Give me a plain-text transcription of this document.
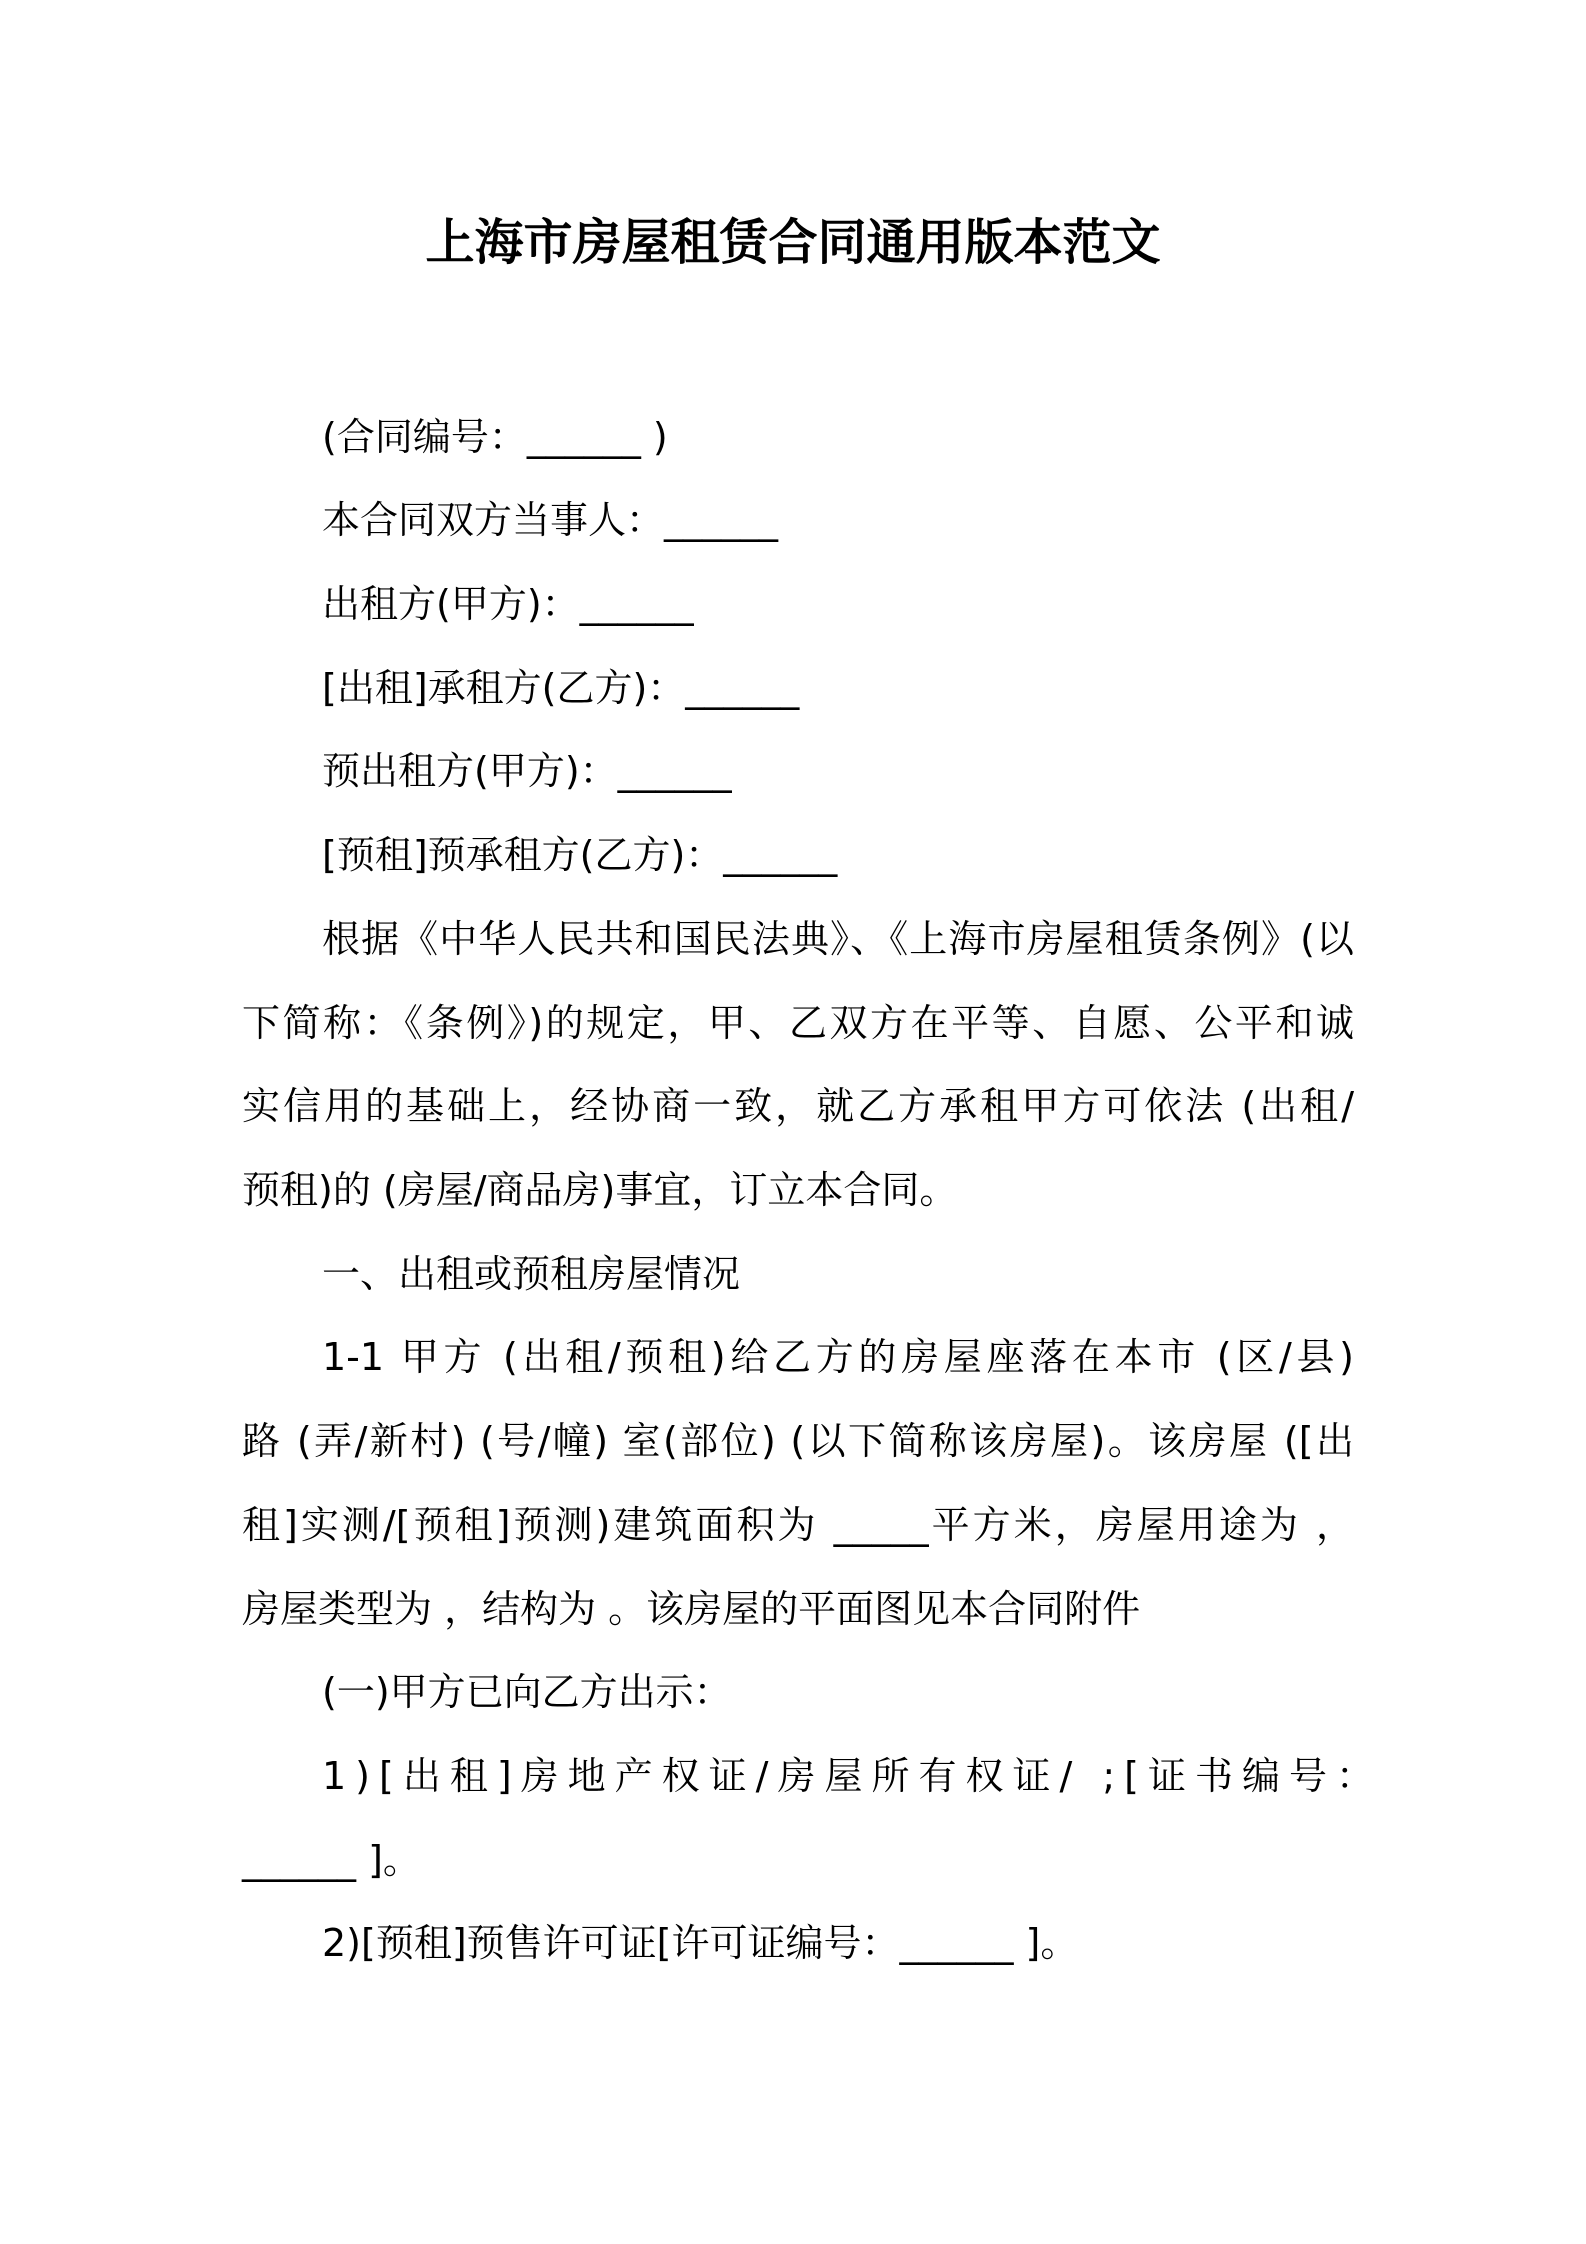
上海市房屋租赁合同通用版本范文
(合同编号：______ )
本合同双方当事人：______
出租方(甲方)：______
[出租]承租方(乙方)：______
预出租方(甲方)：______
[预租]预承租方(乙方)：______
根据《中华人民共和国民法典》、《上海市房屋租赁条例》(以
下简称：《条例》)的规定，甲、乙双方在平等、自愿、公平和诚
实信用的基础上，经协商一致，就乙方承租甲方可依法 (出租/
预租)的 (房屋/商品房)事宜，订立本合同。
一、出租或预租房屋情况
1-1 甲方 (出租/预租)给乙方的房屋座落在本市 (区/县)
路 (弄/新村) (号/幢) 室(部位) (以下简称该房屋)。该房屋 ([出
租]实测/[预租]预测)建筑面积为 _____平方米，房屋用途为 ，
房屋类型为 ，结构为 。该房屋的平面图见本合同附件
(一)甲方已向乙方出示：
1)[出租]房地产权证/房屋所有权证/ ;[证书编号：
______ ]。
2)[预租]预售许可证[许可证编号：______ ]。
